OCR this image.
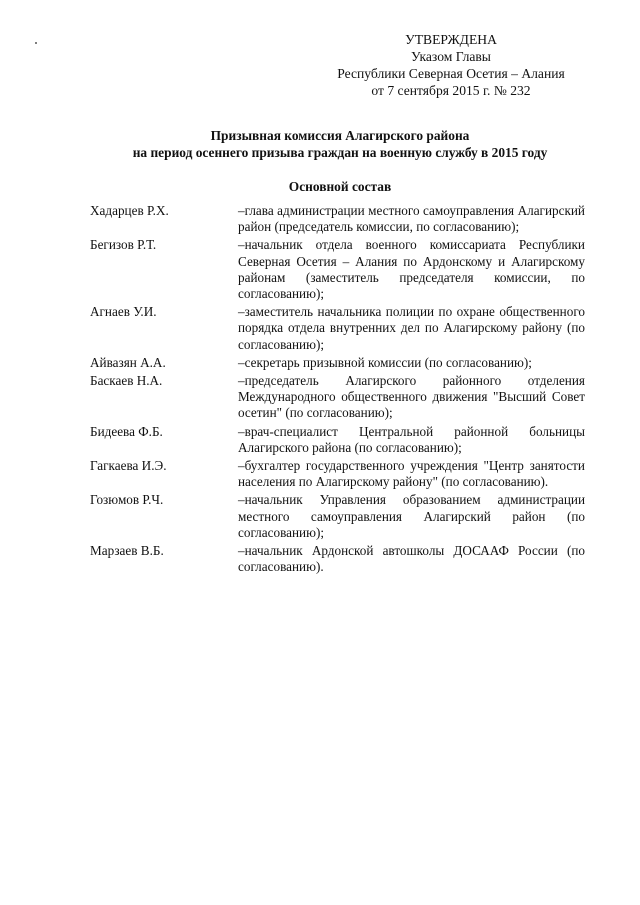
УТВЕРЖДЕНА
Указом Главы
Республики Северная Осетия – Алания
от 7 сентября 2015 г. № 232
Призывная комиссия Алагирского района
на период осеннего призыва граждан на военную службу в 2015 году
Основной состав
Хадарцев Р.Х.	–глава администрации местного самоуправления Алагирский район (председатель комиссии, по согласованию);
Бегизов Р.Т.	–начальник отдела военного комиссариата Республики Северная Осетия – Алания по Ардонскому и Алагирскому районам (заместитель председателя комиссии, по согласованию);
Агнаев У.И.	–заместитель начальника полиции по охране общественного порядка отдела внутренних дел по Алагирскому району (по согласованию);
Айвазян А.А.	–секретарь призывной комиссии (по согласованию);
Баскаев Н.А.	–председатель Алагирского районного отделения Международного общественного движения "Высший Совет осетин" (по согласованию);
Бидеева Ф.Б.	–врач-специалист Центральной районной больницы Алагирского района (по согласованию);
Гагкаева И.Э.	–бухгалтер государственного учреждения "Центр занятости населения по Алагирскому району" (по согласованию).
Гозюмов Р.Ч.	–начальник Управления образованием администрации местного самоуправления Алагирский район (по согласованию);
Марзаев В.Б.	–начальник Ардонской автошколы ДОСААФ России (по согласованию).
